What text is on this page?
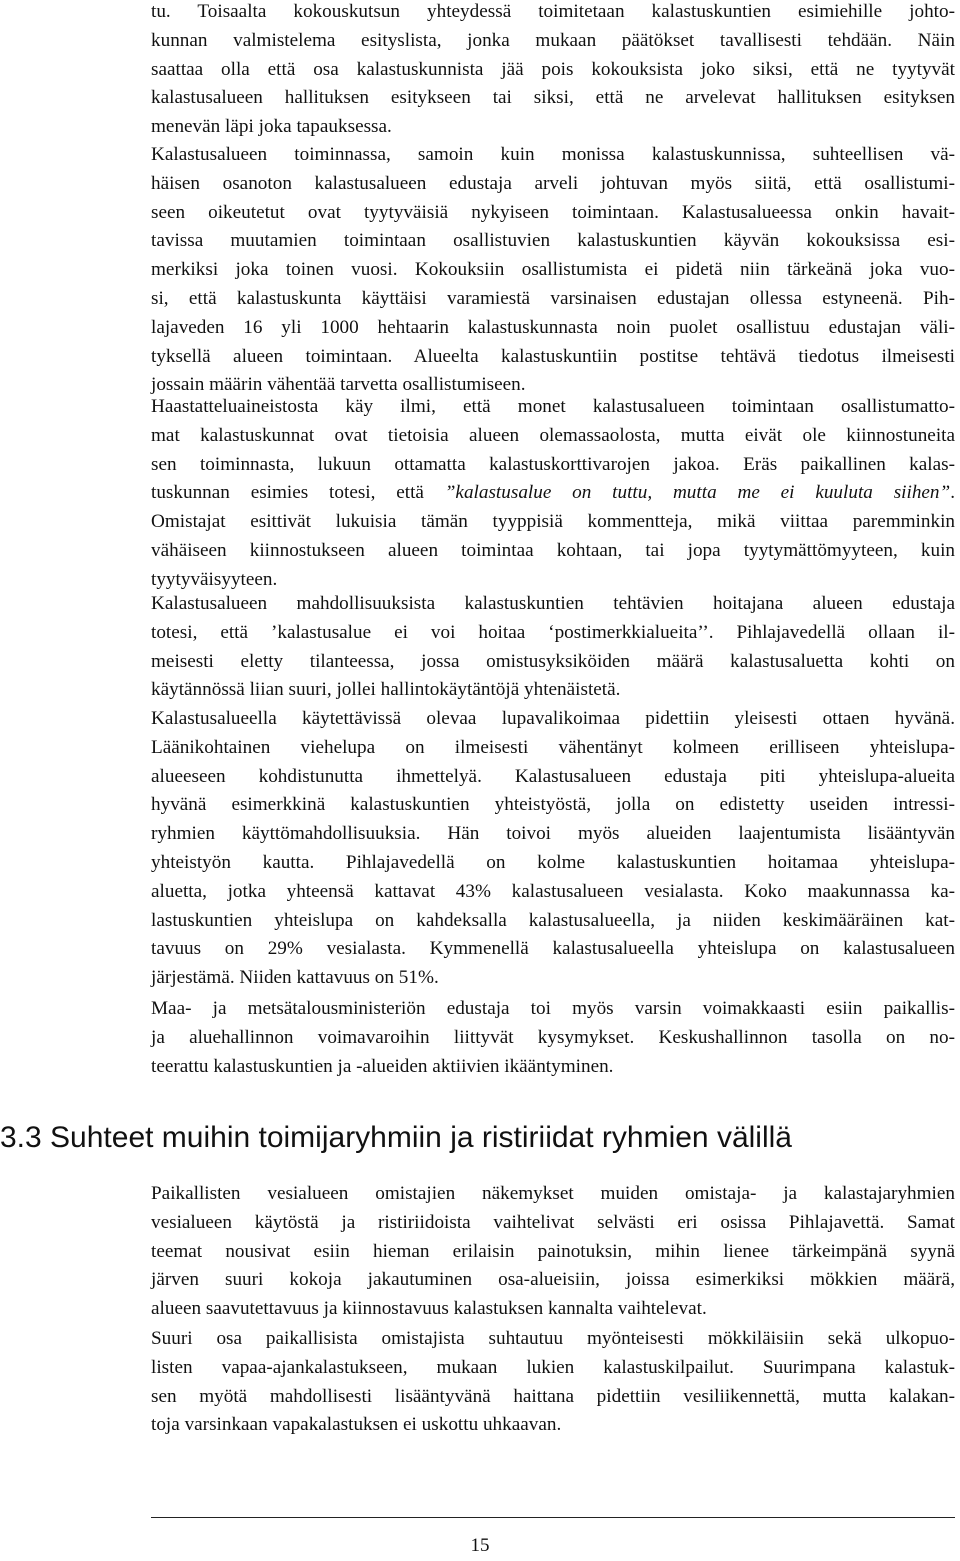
tu. Toisaalta kokouskutsun yhteydessä toimitetaan kalastuskuntien esimiehille johto-
kunnan valmistelema esityslista, jonka mukaan päätökset tavallisesti tehdään. Näin
saattaa olla että osa kalastuskunnista jää pois kokouksista joko siksi, että ne tyytyvät
kalastusalueen hallituksen esitykseen tai siksi, että ne arvelevat hallituksen esityksen
menevän läpi joka tapauksessa.
Kalastusalueen toiminnassa, samoin kuin monissa kalastuskunnissa, suhteellisen vä-
häisen osanoton kalastusalueen edustaja arveli johtuvan myös siitä, että osallistumi-
seen oikeutetut ovat tyytyväisiä nykyiseen toimintaan. Kalastusalueessa onkin havait-
tavissa muutamien toimintaan osallistuvien kalastuskuntien käyvän kokouksissa esi-
merkiksi joka toinen vuosi. Kokouksiin osallistumista ei pidetä niin tärkeänä joka vuo-
si, että kalastuskunta käyttäisi varamiestä varsinaisen edustajan ollessa estyneenä. Pih-
lajaveden 16 yli 1000 hehtaarin kalastuskunnasta noin puolet osallistuu edustajan väli-
tyksellä alueen toimintaan. Alueelta kalastuskuntiin postitse tehtävä tiedotus ilmeisesti
jossain määrin vähentää tarvetta osallistumiseen.
Haastatteluaineistosta käy ilmi, että monet kalastusalueen toimintaan osallistumatto-
mat kalastuskunnat ovat tietoisia alueen olemassaolosta, mutta eivät ole kiinnostuneita
sen toiminnasta, lukuun ottamatta kalastuskorttivarojen jakoa. Eräs paikallinen kalas-
tuskunnan esimies totesi, että ”kalastusalue on tuttu, mutta me ei kuuluta siihen”.
Omistajat esittivät lukuisia tämän tyyppisiä kommentteja, mikä viittaa paremminkin
vähäiseen kiinnostukseen alueen toimintaa kohtaan, tai jopa tyytymättömyyteen, kuin
tyytyväisyyteen.
Kalastusalueen mahdollisuuksista kalastuskuntien tehtävien hoitajana alueen edustaja
totesi, että ’kalastusalue ei voi hoitaa ‘postimerkkialueita’’. Pihlajavedellä ollaan il-
meisesti eletty tilanteessa, jossa omistusyksiköiden määrä kalastusaluetta kohti on
käytännössä liian suuri, jollei hallintokäytäntöjä yhtenäistetä.
Kalastusalueella käytettävissä olevaa lupavalikoimaa pidettiin yleisesti ottaen hyvänä.
Läänikohtainen viehelupa on ilmeisesti vähentänyt kolmeen erilliseen yhteislupa-
alueeseen kohdistunutta ihmettelyä. Kalastusalueen edustaja piti yhteislupa-alueita
hyvänä esimerkkinä kalastuskuntien yhteistyöstä, jolla on edistetty useiden intressi-
ryhmien käyttömahdollisuuksia. Hän toivoi myös alueiden laajentumista lisääntyvän
yhteistyön kautta. Pihlajavedellä on kolme kalastuskuntien hoitamaa yhteislupa-
aluetta, jotka yhteensä kattavat 43% kalastusalueen vesialasta. Koko maakunnassa ka-
lastuskuntien yhteislupa on kahdeksalla kalastusalueella, ja niiden keskimääräinen kat-
tavuus on 29% vesialasta. Kymmenellä kalastusalueella yhteislupa on kalastusalueen
järjestämä. Niiden kattavuus on 51%.
Maa- ja metsätalousministeriön edustaja toi myös varsin voimakkaasti esiin paikallis-
ja aluehallinnon voimavaroihin liittyvät kysymykset. Keskushallinnon tasolla on no-
teerattu kalastuskuntien ja -alueiden aktiivien ikääntyminen.
3.3 Suhteet muihin toimijaryhmiin ja ristiriidat ryhmien välillä
Paikallisten vesialueen omistajien näkemykset muiden omistaja- ja kalastajaryhmien
vesialueen käytöstä ja ristiriidoista vaihtelivat selvästi eri osissa Pihlajavettä. Samat
teemat nousivat esiin hieman erilaisin painotuksin, mihin lienee tärkeimpänä syynä
järven suuri kokoja jakautuminen osa-alueisiin, joissa esimerkiksi mökkien määrä,
alueen saavutettavuus ja kiinnostavuus kalastuksen kannalta vaihtelevat.
Suuri osa paikallisista omistajista suhtautuu myönteisesti mökkiläisiin sekä ulkopuo-
listen vapaa-ajankalastukseen, mukaan lukien kalastuskilpailut. Suurimpana kalastuk-
sen myötä mahdollisesti lisääntyvänä haittana pidettiin vesiliikennettä, mutta kalakan-
toja varsinkaan vapakalastuksen ei uskottu uhkaavan.
15
